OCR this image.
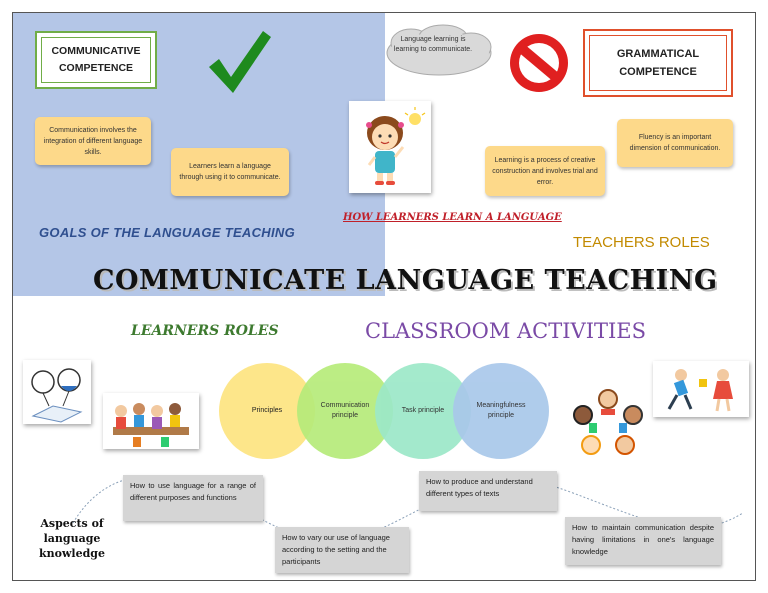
COMMUNICATIVE
COMPETENCE
Language learning is learning to communicate.	GRAMMATICAL
COMPETENCE
Communication involves the integration of different language skills.
Learners learn a language through using it to communicate.
Learning is a process of creative construction and involves trial and error.
Fluency is an important dimension of communication.
GOALS OF THE LANGUAGE TEACHING
HOW LEARNERS LEARN A LANGUAGE
TEACHERS ROLES
COMMUNICATE LANGUAGE TEACHING
LEARNERS ROLES	CLASSROOM ACTIVITIES
Principles
Communication principle
Task principle
Meaningfulness principle
How to use language for a range of different purposes and functions
How to vary our use of language according to the setting and the participants
How to produce and understand different types of texts
How to maintain communication despite having limitations in one's language knowledge
Aspects of language knowledge
